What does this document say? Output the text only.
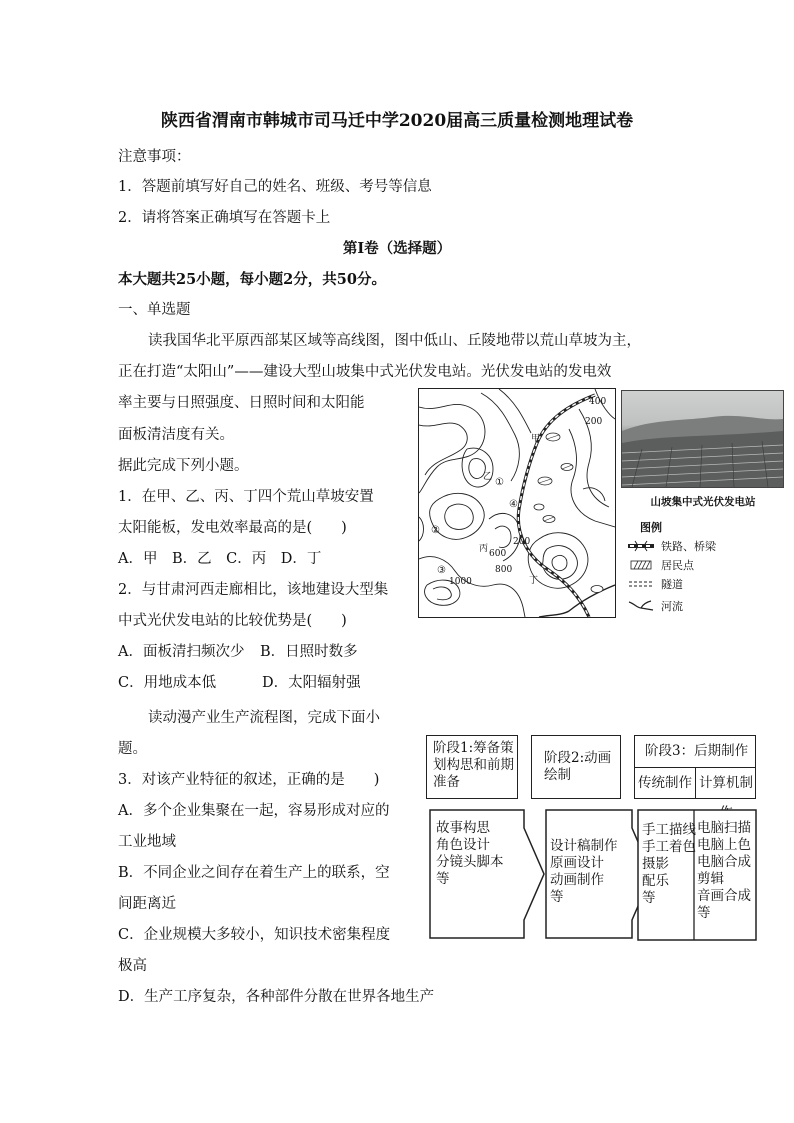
陕西省渭南市韩城市司马迁中学2020届高三质量检测地理试卷
注意事项：
1．答题前填写好自己的姓名、班级、考号等信息
2．请将答案正确填写在答题卡上
第I卷（选择题）
本大题共25小题，每小题2分，共50分。
一、单选题
读我国华北平原西部某区域等高线图，图中低山、丘陵地带以荒山草坡为主，
正在打造“太阳山”——建设大型山坡集中式光伏发电站。光伏发电站的发电效
率主要与日照强度、日照时间和太阳能
面板清洁度有关。
据此完成下列小题。
1．在甲、乙、丙、丁四个荒山草坡安置
太阳能板，发电效率最高的是(　　)
A．甲　B．乙　C．丙　D．丁
2．与甘肃河西走廊相比，该地建设大型集
中式光伏发电站的比较优势是(　　)
A．面板清扫频次少 B．日照时数多
C．用地成本低	D．太阳辐射强
400
200
200
600
800
1000
甲
乙
丙
丁
①
②
③
④	山坡集中式光伏发电站
图例
铁路、桥梁
居民点
隧道
河流
读动漫产业生产流程图，完成下面小
题。
3．对该产业特征的叙述，正确的是　　)
A．多个企业集聚在一起，容易形成对应的
工业地域
B．不同企业之间存在着生产上的联系，空
间距离近
C．企业规模大多较小，知识技术密集程度
极高
D．生产工序复杂，各种部件分散在世界各地生产
阶段1:筹备策
划构思和前期
准备
阶段2:动画
绘制
阶段3：后期制作
传统制作 计算机制
故事构思
角色设计
分镜头脚本
等
设计稿制作
原画设计
动画制作
等
手工描线
手工着色
摄影
配乐
等
电脑扫描
电脑上色
电脑合成
剪辑
音画合成
等
